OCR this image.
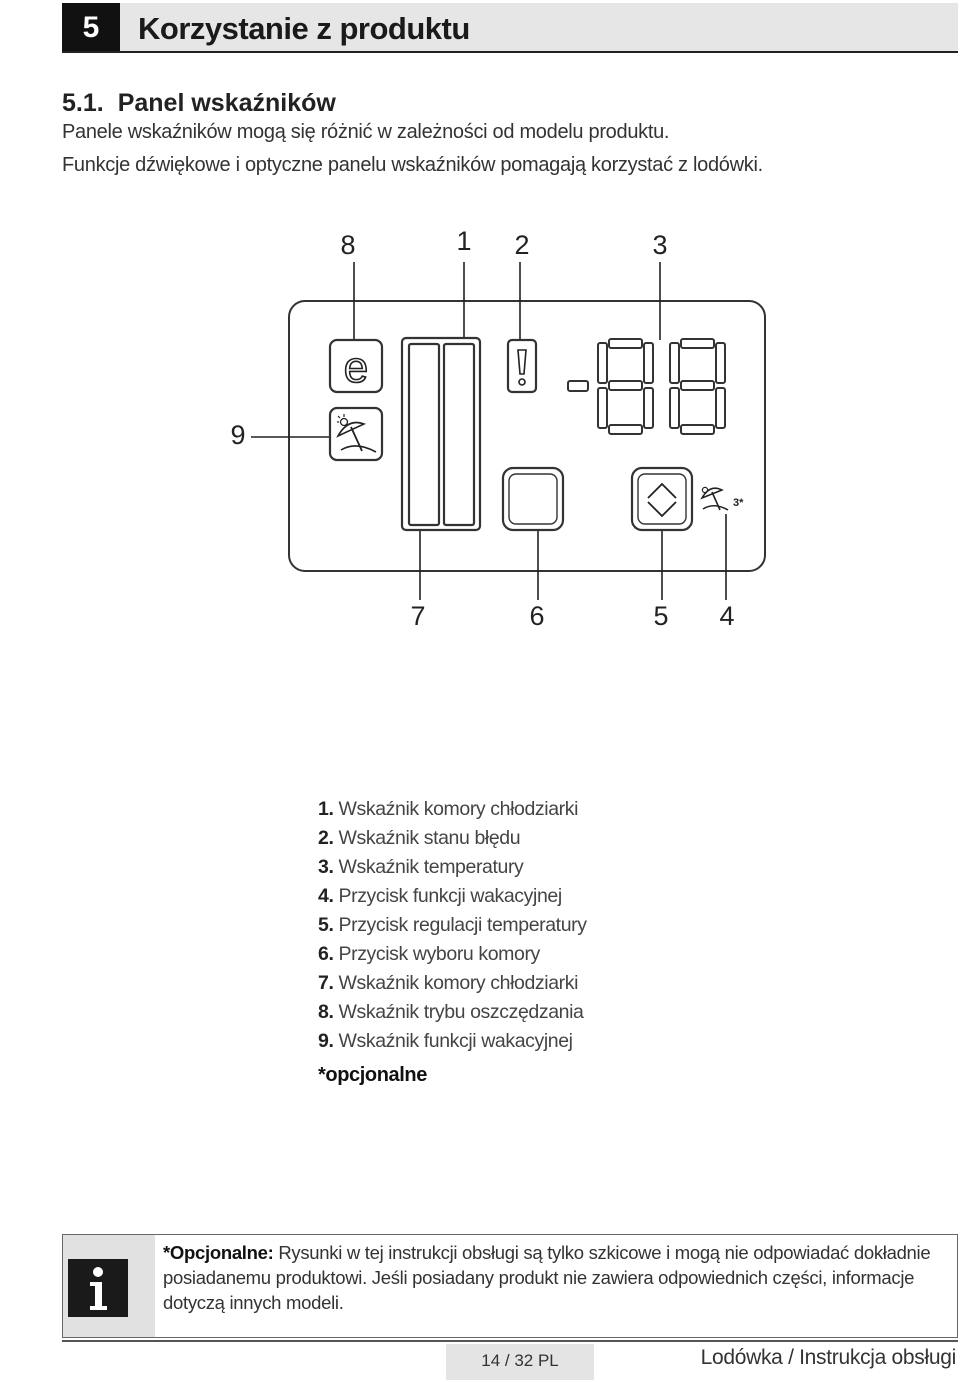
5	Korzystanie z produktu
5.1. Panel wskaźników
Panele wskaźników mogą się różnić w zależności od modelu produktu.
Funkcje dźwiękowe i optyczne panelu wskaźników pomagają korzystać z lodówki.
8	1 2	3
9
7	6	5 4
e
3*
1. Wskaźnik komory chłodziarki
2. Wskaźnik stanu błędu
3. Wskaźnik temperatury
4. Przycisk funkcji wakacyjnej
5. Przycisk regulacji temperatury
6. Przycisk wyboru komory
7. Wskaźnik komory chłodziarki
8. Wskaźnik trybu oszczędzania
9. Wskaźnik funkcji wakacyjnej
*opcjonalne
*Opcjonalne: Rysunki w tej instrukcji obsługi są tylko szkicowe i mogą nie odpowiadać dokładnie posiadanemu produktowi. Jeśli posiadany produkt nie zawiera odpowiednich części, informacje dotyczą innych modeli.
14 / 32 PL	Lodówka / Instrukcja obsługi
